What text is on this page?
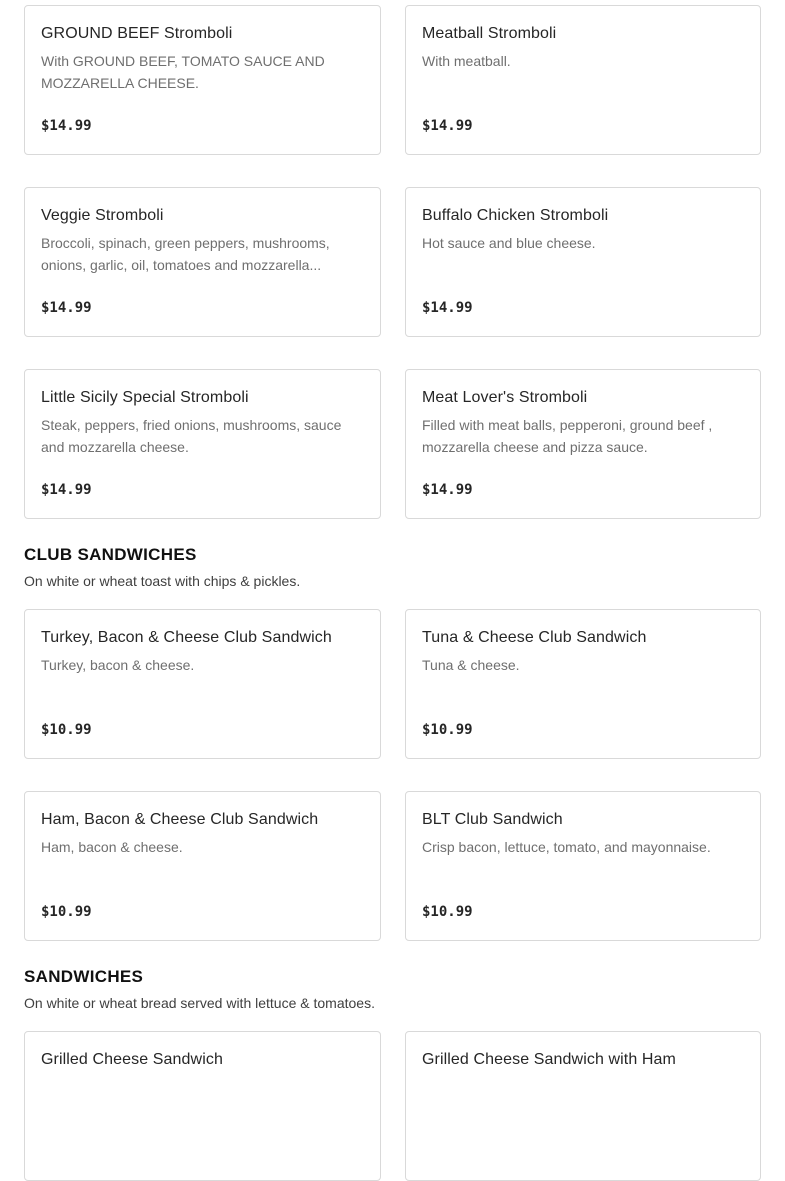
GROUND BEEF Stromboli
With GROUND BEEF, TOMATO SAUCE AND MOZZARELLA CHEESE.
$14.99
Meatball Stromboli
With meatball.
$14.99
Veggie Stromboli
Broccoli, spinach, green peppers, mushrooms, onions, garlic, oil, tomatoes and mozzarella...
$14.99
Buffalo Chicken Stromboli
Hot sauce and blue cheese.
$14.99
Little Sicily Special Stromboli
Steak, peppers, fried onions, mushrooms, sauce and mozzarella cheese.
$14.99
Meat Lover's Stromboli
Filled with meat balls, pepperoni, ground beef , mozzarella cheese and pizza sauce.
$14.99
CLUB SANDWICHES
On white or wheat toast with chips & pickles.
Turkey, Bacon & Cheese Club Sandwich
Turkey, bacon & cheese.
$10.99
Tuna & Cheese Club Sandwich
Tuna & cheese.
$10.99
Ham, Bacon & Cheese Club Sandwich
Ham, bacon & cheese.
$10.99
BLT Club Sandwich
Crisp bacon, lettuce, tomato, and mayonnaise.
$10.99
SANDWICHES
On white or wheat bread served with lettuce & tomatoes.
Grilled Cheese Sandwich	Grilled Cheese Sandwich with Ham
